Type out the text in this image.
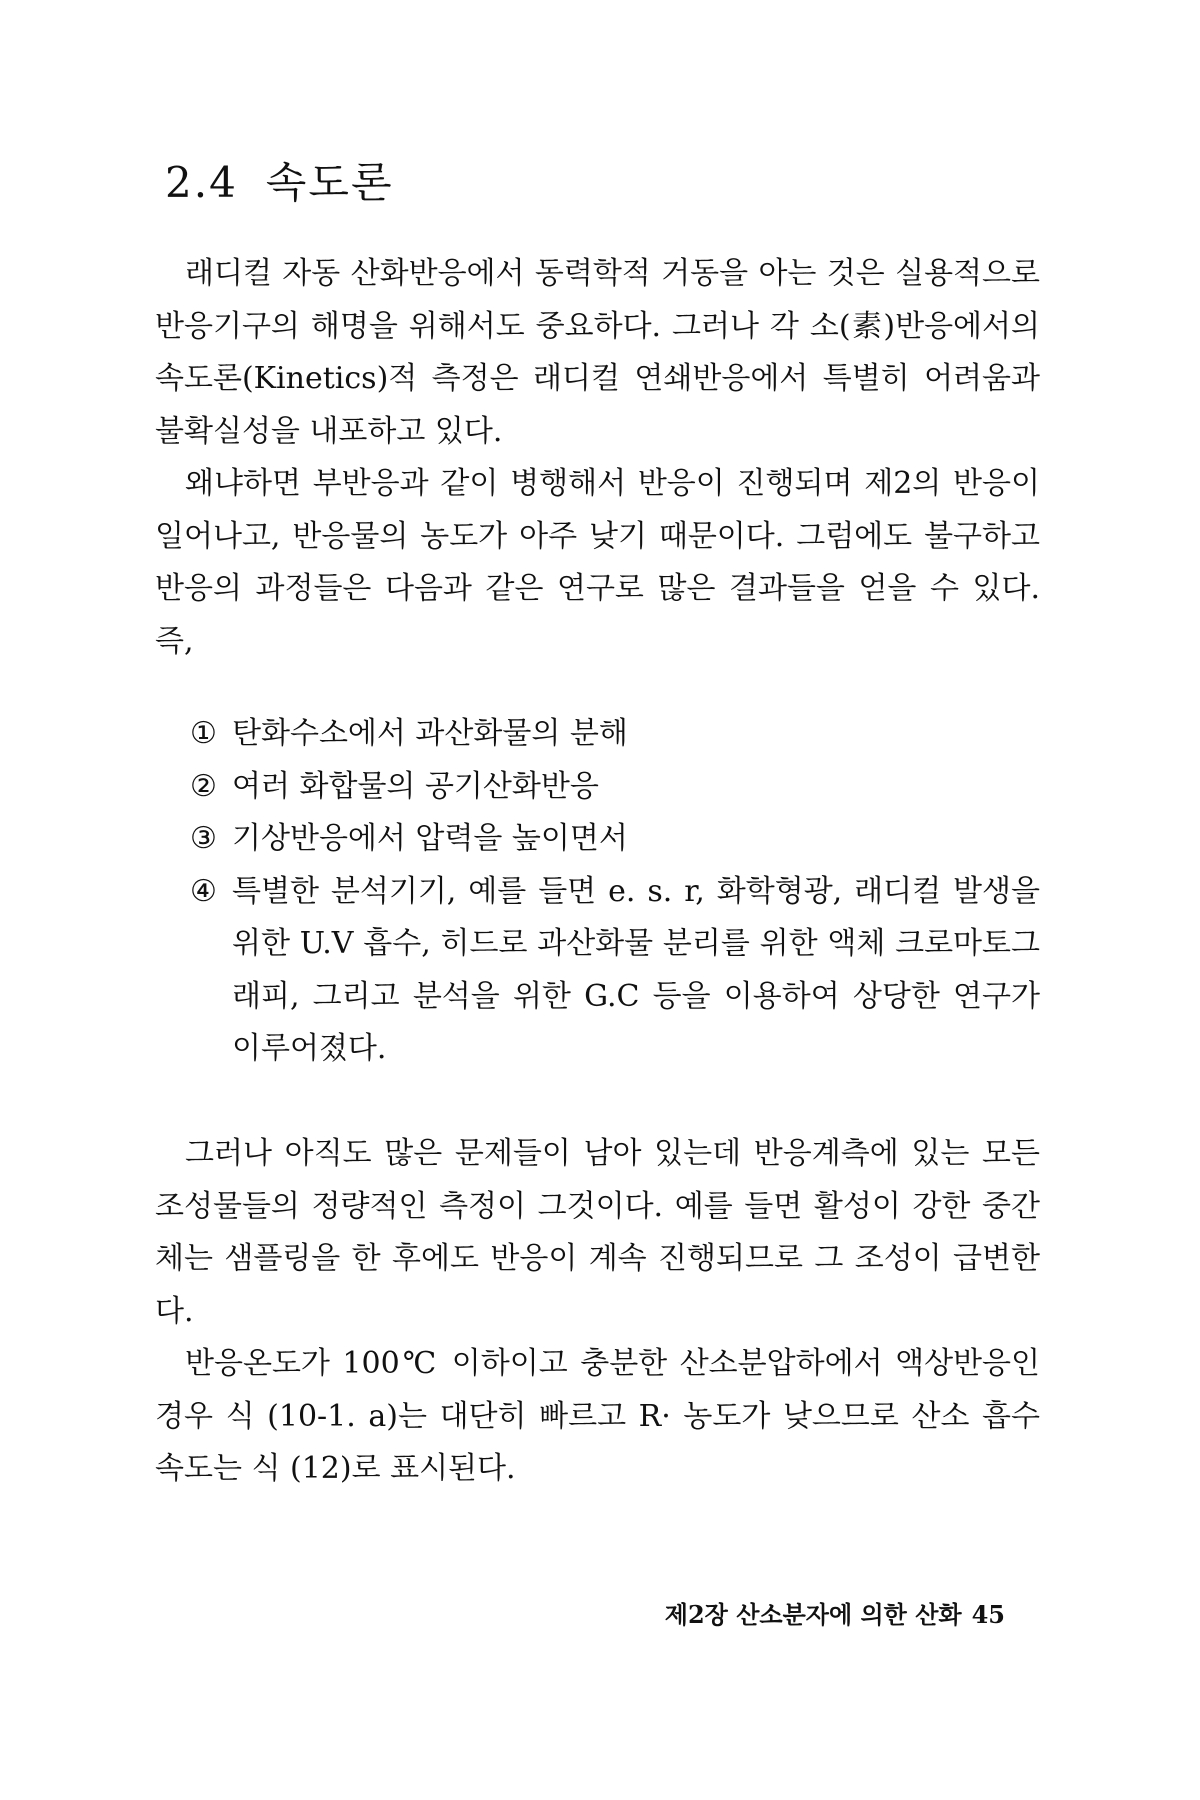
2.4 속도론

래디컬 자동 산화반응에서 동력학적 거동을 아는 것은 실용적으로 반응기구의 해명을 위해서도 중요하다. 그러나 각 소(素)반응에서의 속도론(Kinetics)적 측정은 래디컬 연쇄반응에서 특별히 어려움과 불확실성을 내포하고 있다.

왜냐하면 부반응과 같이 병행해서 반응이 진행되며 제2의 반응이 일어나고, 반응물의 농도가 아주 낮기 때문이다. 그럼에도 불구하고 반응의 과정들은 다음과 같은 연구로 많은 결과들을 얻을 수 있다. 즉,

① 탄화수소에서 과산화물의 분해
② 여러 화합물의 공기산화반응
③ 기상반응에서 압력을 높이면서
④ 특별한 분석기기, 예를 들면 e. s. r, 화학형광, 래디컬 발생을 위한 U.V 흡수, 히드로 과산화물 분리를 위한 액체 크로마토그래피, 그리고 분석을 위한 G.C 등을 이용하여 상당한 연구가 이루어졌다.

그러나 아직도 많은 문제들이 남아 있는데 반응계측에 있는 모든 조성물들의 정량적인 측정이 그것이다. 예를 들면 활성이 강한 중간체는 샘플링을 한 후에도 반응이 계속 진행되므로 그 조성이 급변한다.

반응온도가 100℃ 이하이고 충분한 산소분압하에서 액상반응인 경우 식 (10-1. a)는 대단히 빠르고 R· 농도가 낮으므로 산소 흡수 속도는 식 (12)로 표시된다.

제2장 산소분자에 의한 산화 45
